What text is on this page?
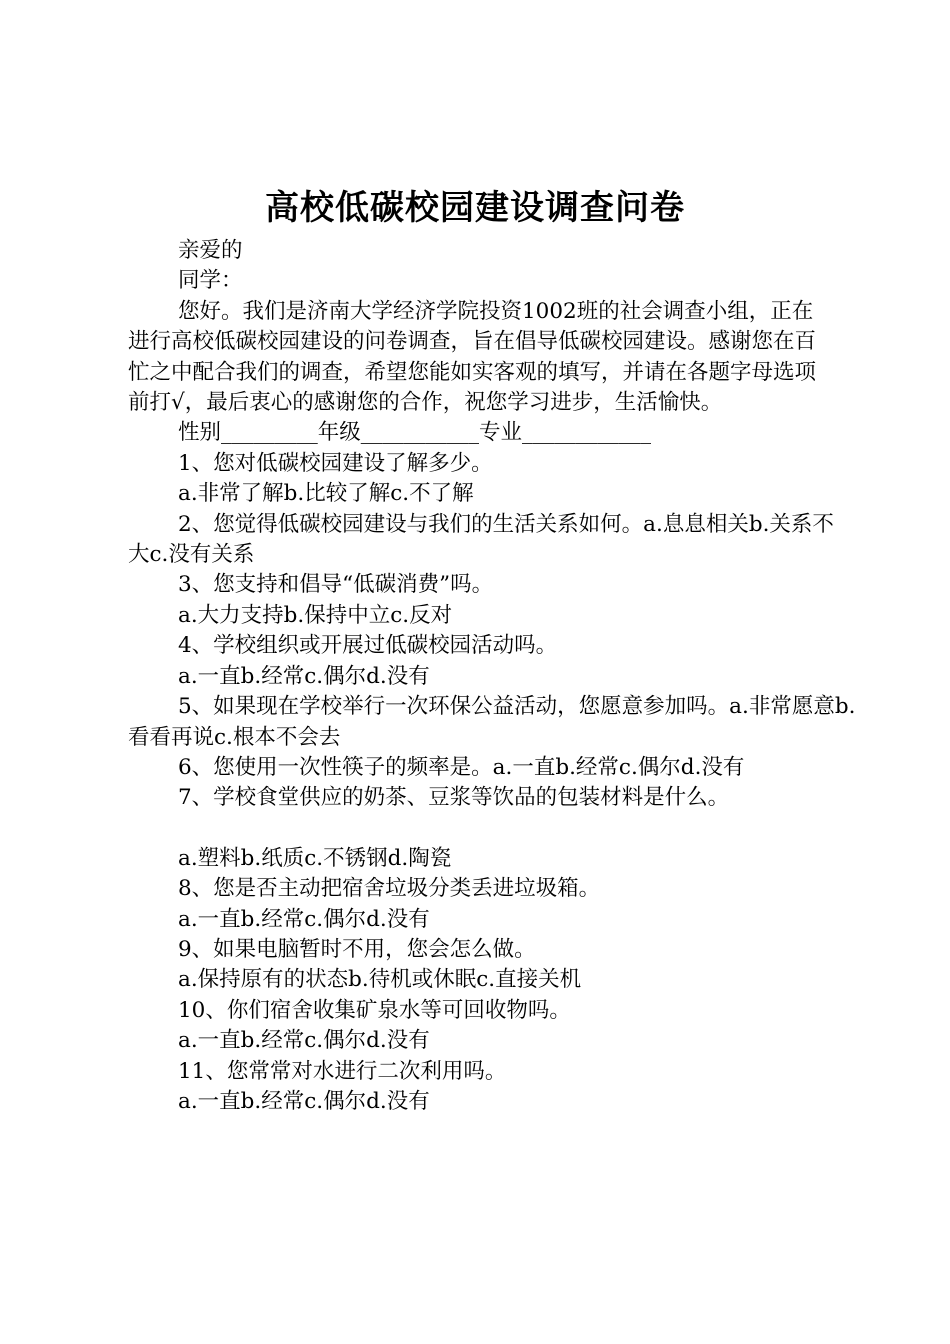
高校低碳校园建设调查问卷

亲爱的

同学：

您好。我们是济南大学经济学院投资1002班的社会调查小组，正在进行高校低碳校园建设的问卷调查，旨在倡导低碳校园建设。感谢您在百忙之中配合我们的调查，希望您能如实客观的填写，并请在各题字母选项前打√，最后衷心的感谢您的合作，祝您学习进步，生活愉快。

性别_________年级___________专业____________

1、您对低碳校园建设了解多少。

a.非常了解b.比较了解c.不了解

2、您觉得低碳校园建设与我们的生活关系如何。a.息息相关b.关系不大c.没有关系

3、您支持和倡导“低碳消费”吗。

a.大力支持b.保持中立c.反对

4、学校组织或开展过低碳校园活动吗。

a.一直b.经常c.偶尔d.没有

5、如果现在学校举行一次环保公益活动，您愿意参加吗。a.非常愿意b.看看再说c.根本不会去

6、您使用一次性筷子的频率是。a.一直b.经常c.偶尔d.没有

7、学校食堂供应的奶茶、豆浆等饮品的包装材料是什么。

a.塑料b.纸质c.不锈钢d.陶瓷

8、您是否主动把宿舍垃圾分类丢进垃圾箱。

a.一直b.经常c.偶尔d.没有

9、如果电脑暂时不用，您会怎么做。

a.保持原有的状态b.待机或休眠c.直接关机

10、你们宿舍收集矿泉水等可回收物吗。

a.一直b.经常c.偶尔d.没有

11、您常常对水进行二次利用吗。

a.一直b.经常c.偶尔d.没有
